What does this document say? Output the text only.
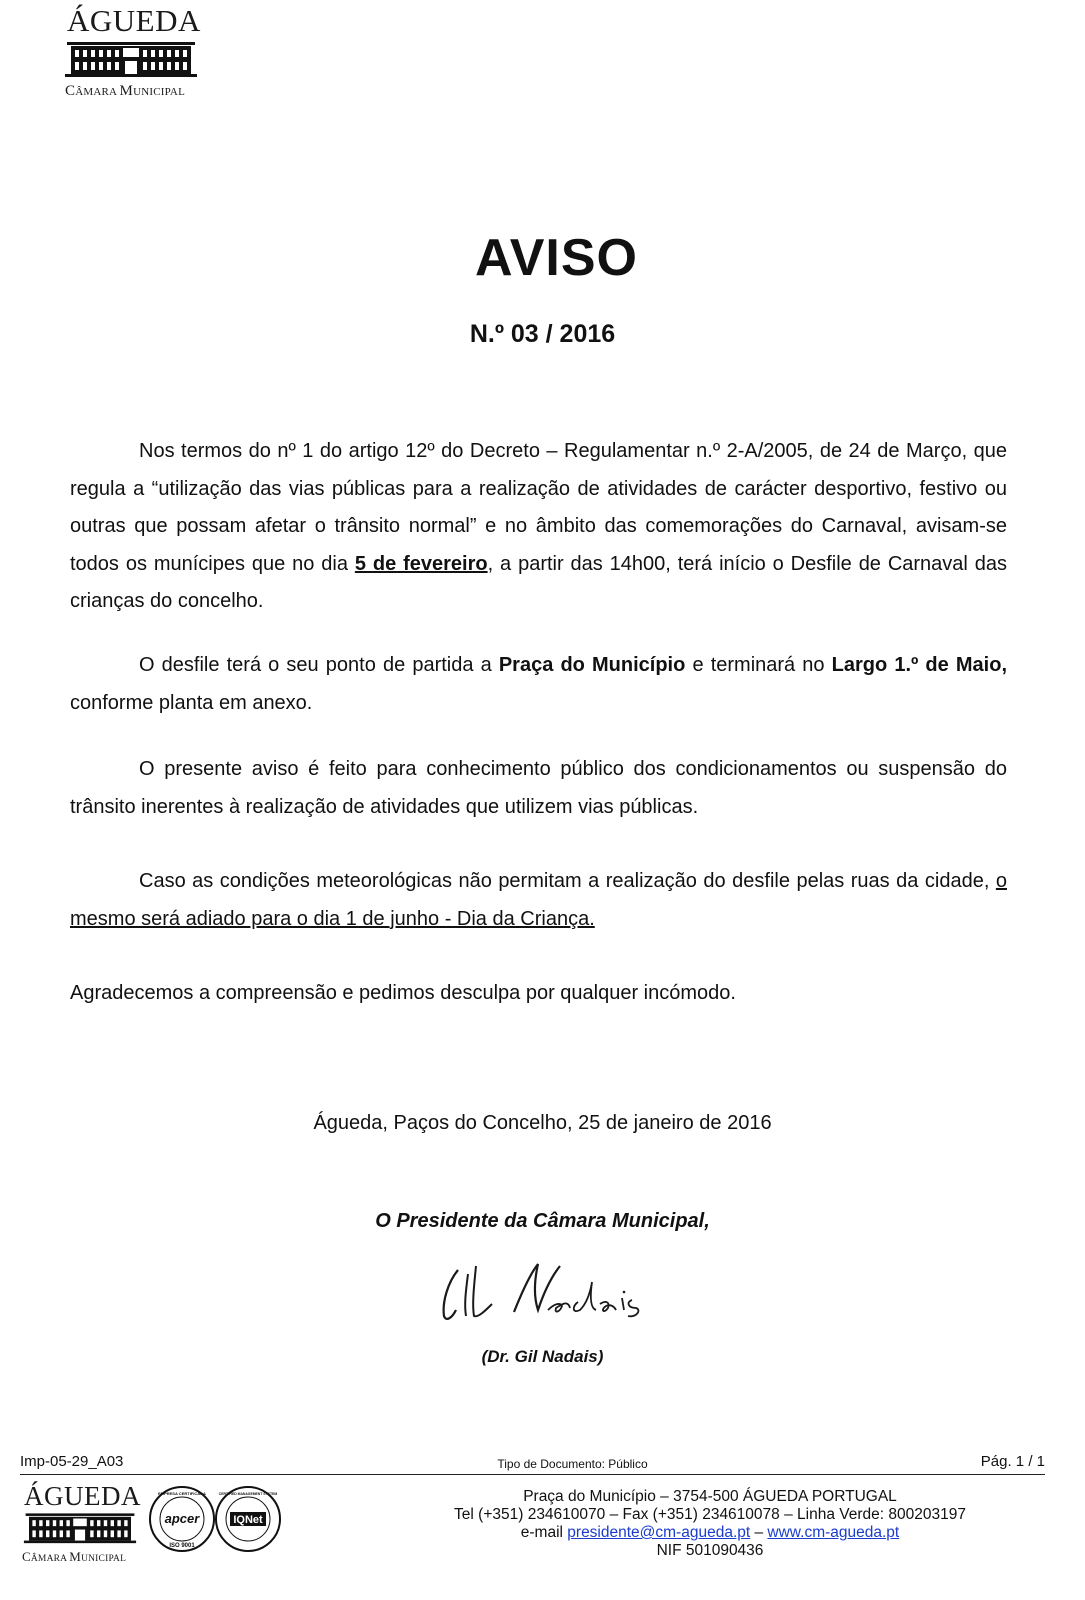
ÁGUEDA
CÂMARA MUNICIPAL
AVISO
N.º 03 / 2016
Nos termos do nº 1 do artigo 12º do Decreto – Regulamentar n.º 2-A/2005, de 24 de Março, que regula a “utilização das vias públicas para a realização de atividades de carácter desportivo, festivo ou outras que possam afetar o trânsito normal” e no âmbito das comemorações do Carnaval, avisam-se todos os munícipes que no dia 5 de fevereiro, a partir das 14h00, terá início o Desfile de Carnaval das crianças do concelho.
O desfile terá o seu ponto de partida a Praça do Município e terminará no Largo 1.º de Maio, conforme planta em anexo.
O presente aviso é feito para conhecimento público dos condicionamentos ou suspensão do trânsito inerentes à realização de atividades que utilizem vias públicas.
Caso as condições meteorológicas não permitam a realização do desfile pelas ruas da cidade, o mesmo será adiado para o dia 1 de junho - Dia da Criança.
Agradecemos a compreensão e pedimos desculpa por qualquer incómodo.
Águeda, Paços do Concelho, 25 de janeiro de 2016
O Presidente da Câmara Municipal,
(Dr. Gil Nadais)
Imp-05-29_A03	Tipo de Documento: Público	Pág. 1 / 1
ÁGUEDA
CÂMARA MUNICIPAL
apcer
ISO 9001
EMPRESA CERTIFICADA
IQNet
CERTIFIED MANAGEMENT SYSTEM	Praça do Município – 3754-500 ÁGUEDA PORTUGAL
Tel (+351) 234610070 – Fax (+351) 234610078 – Linha Verde: 800203197
e-mail presidente@cm-agueda.pt – www.cm-agueda.pt
NIF 501090436
